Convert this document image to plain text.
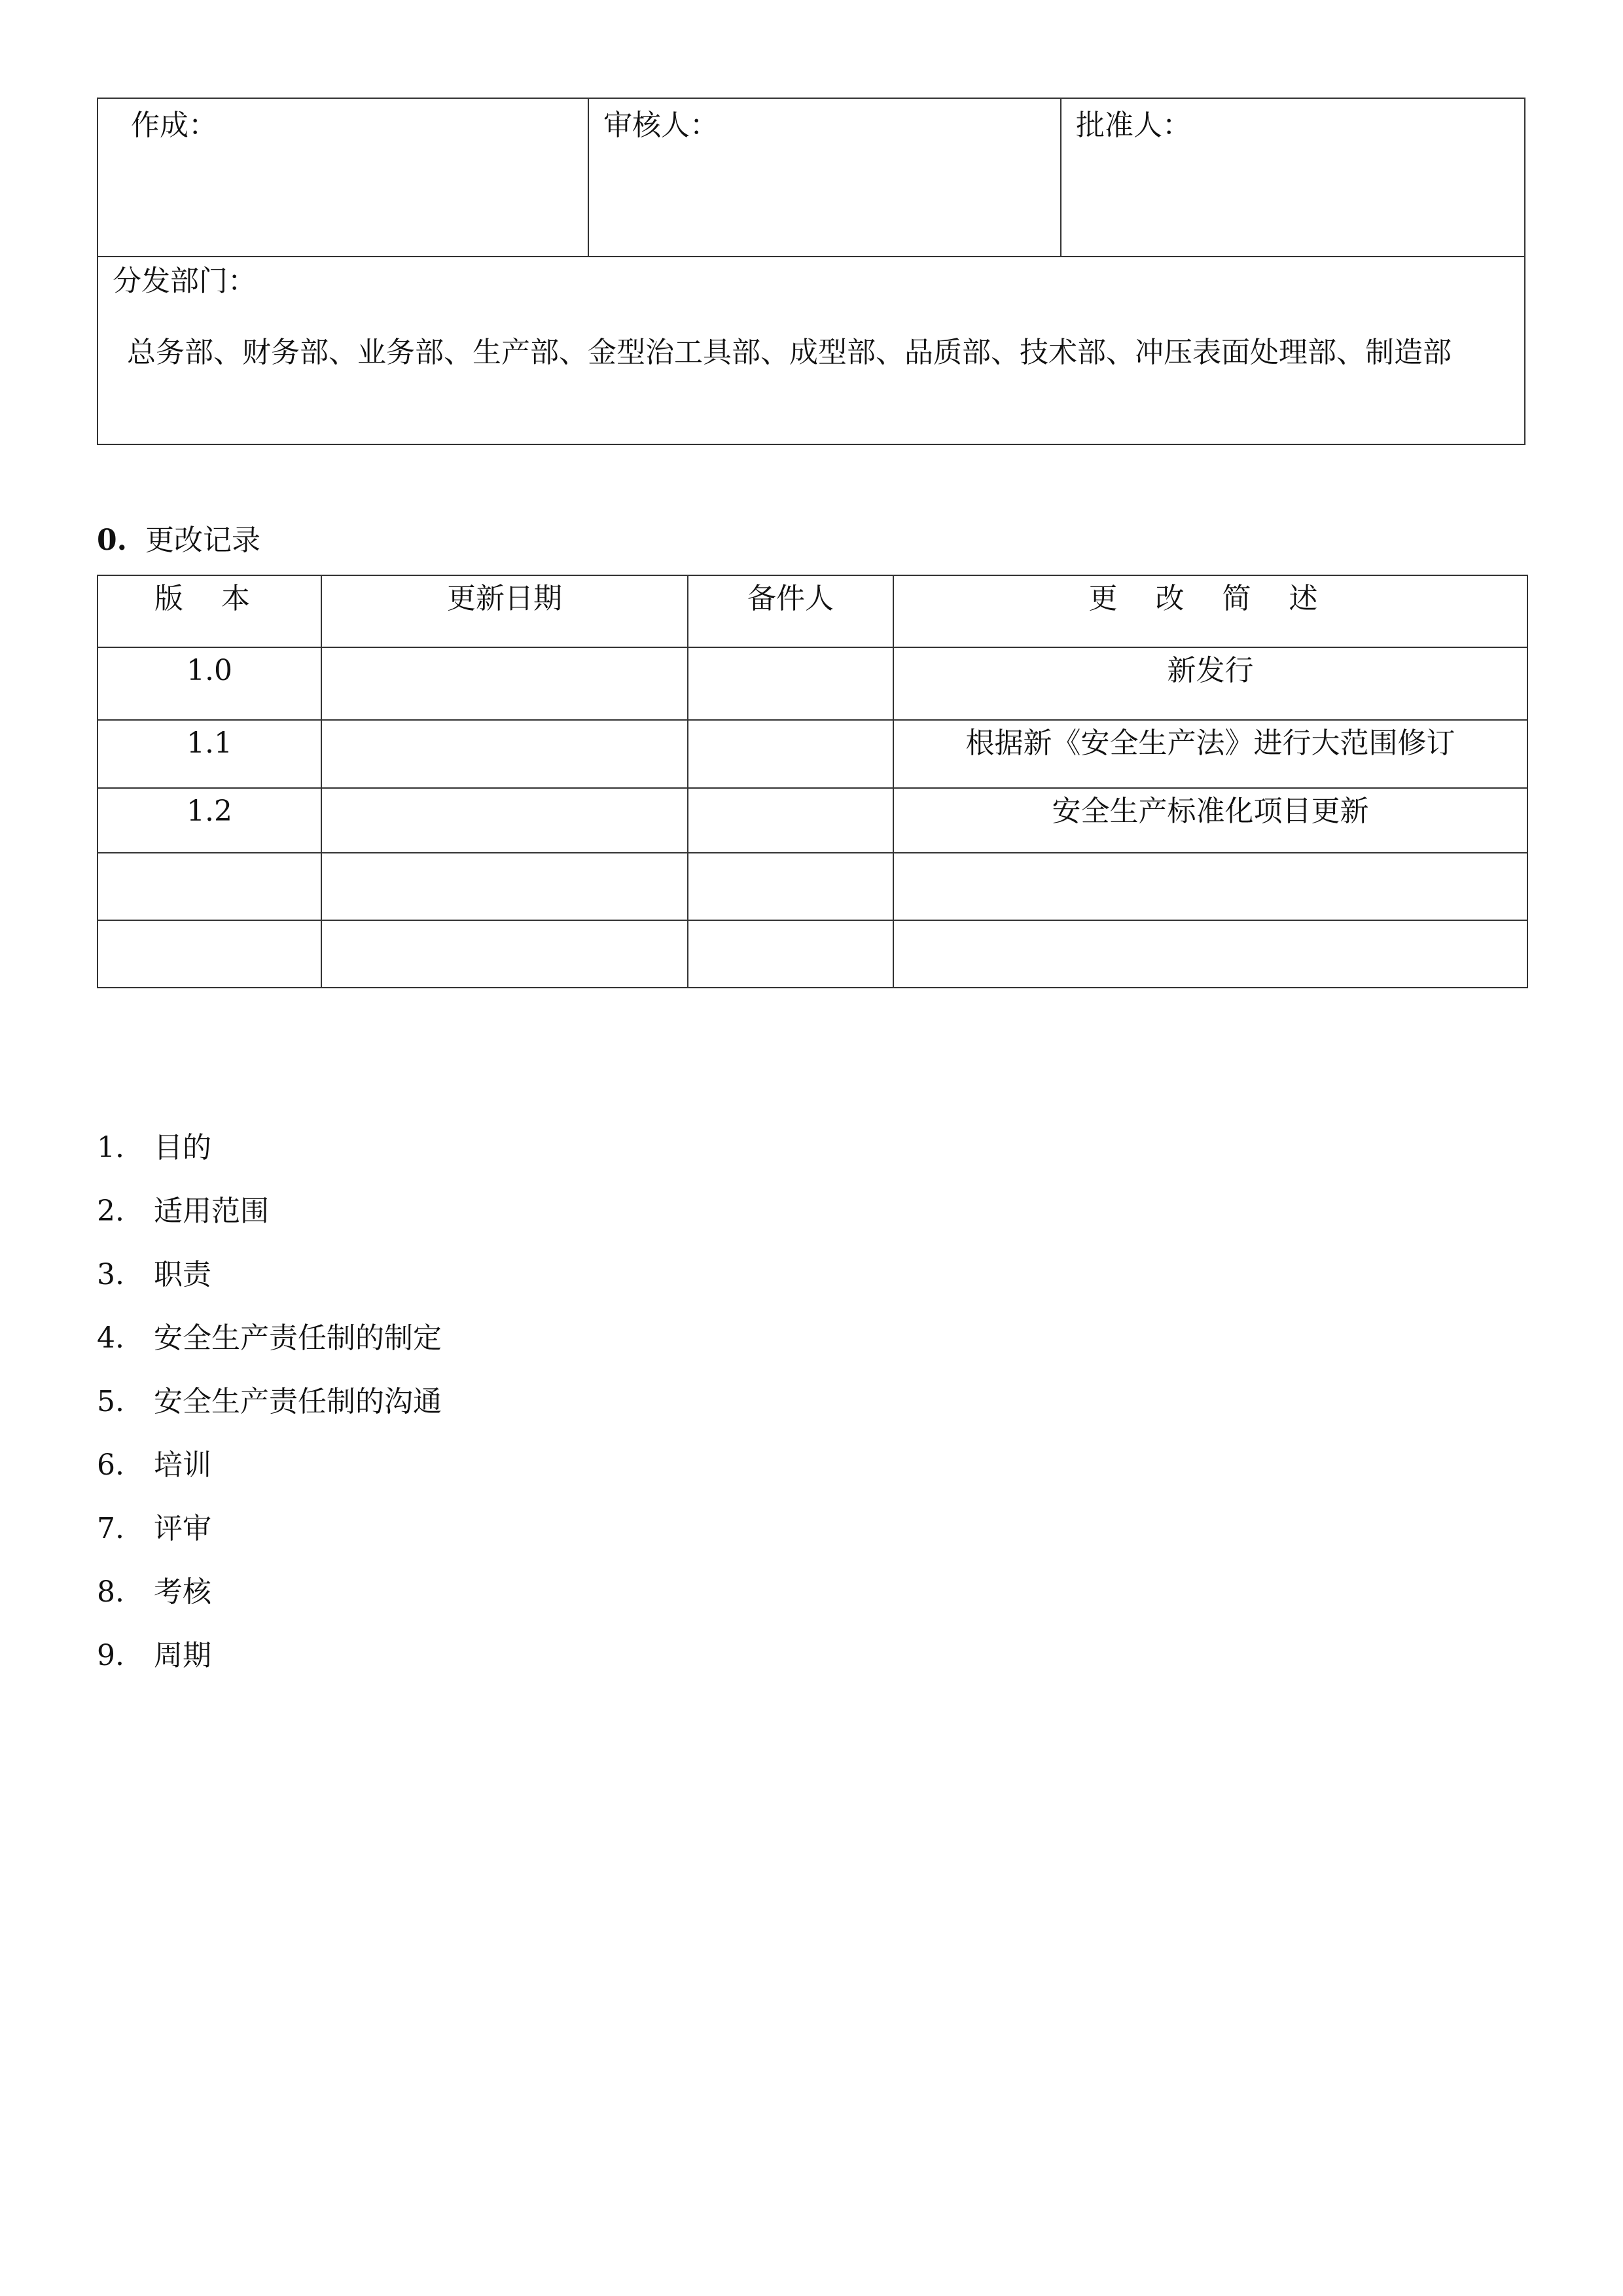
作成：	审核人：	批准人：
分发部门：
总务部、财务部、业务部、生产部、金型治工具部、成型部、品质部、技术部、冲压表面处理部、制造部
0. 更改记录
版 本	更新日期	备件人	更 改 简 述
1.0			新发行
1.1			根据新《安全生产法》进行大范围修订
1.2			安全生产标准化项目更新

1. 目的
2. 适用范围
3. 职责
4. 安全生产责任制的制定
5. 安全生产责任制的沟通
6. 培训
7. 评审
8. 考核
9. 周期
